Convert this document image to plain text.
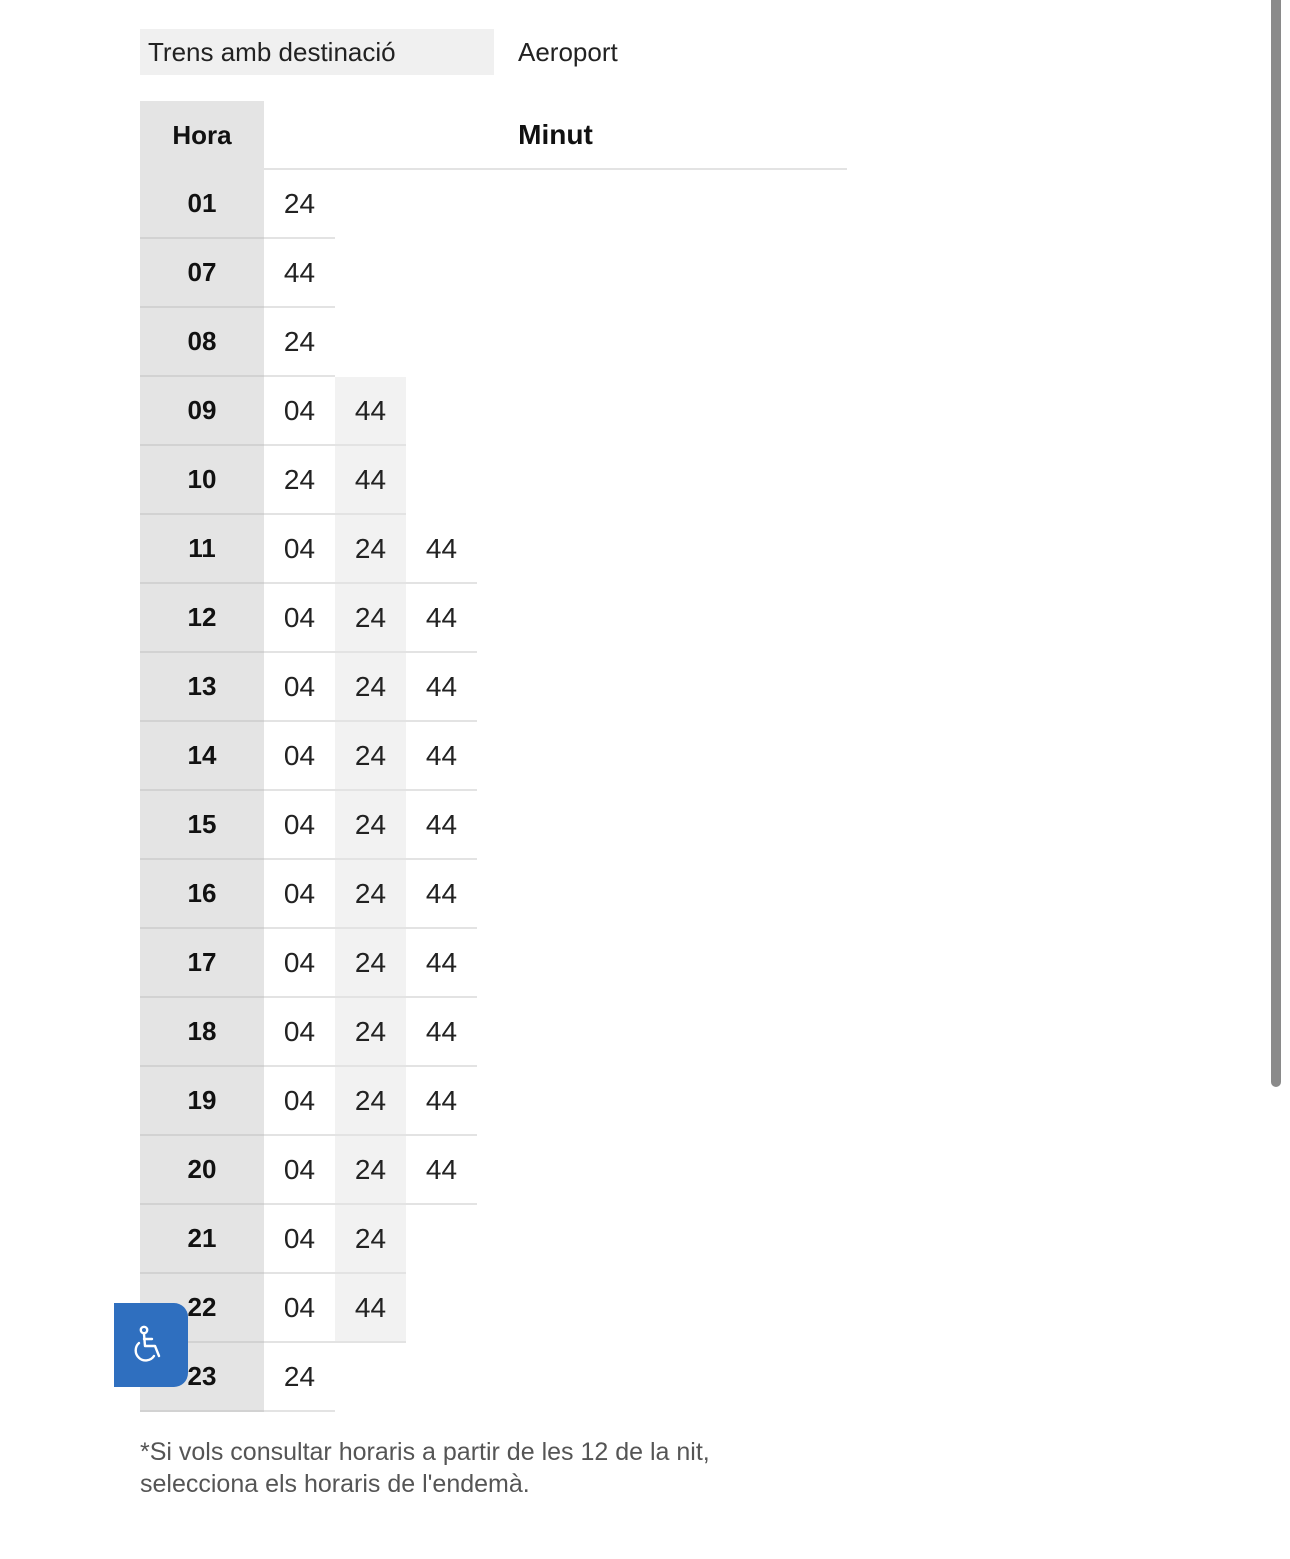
Trens amb destinació	Aeroport
Hora	Minut
01	24
07	44
08	24
09	04	44
10	24	44
11	04	24	44
12	04	24	44
13	04	24	44
14	04	24	44
15	04	24	44
16	04	24	44
17	04	24	44
18	04	24	44
19	04	24	44
20	04	24	44
21	04	24
22	04	44
23	24
*Si vols consultar horaris a partir de les 12 de la nit,
selecciona els horaris de l'endemà.
